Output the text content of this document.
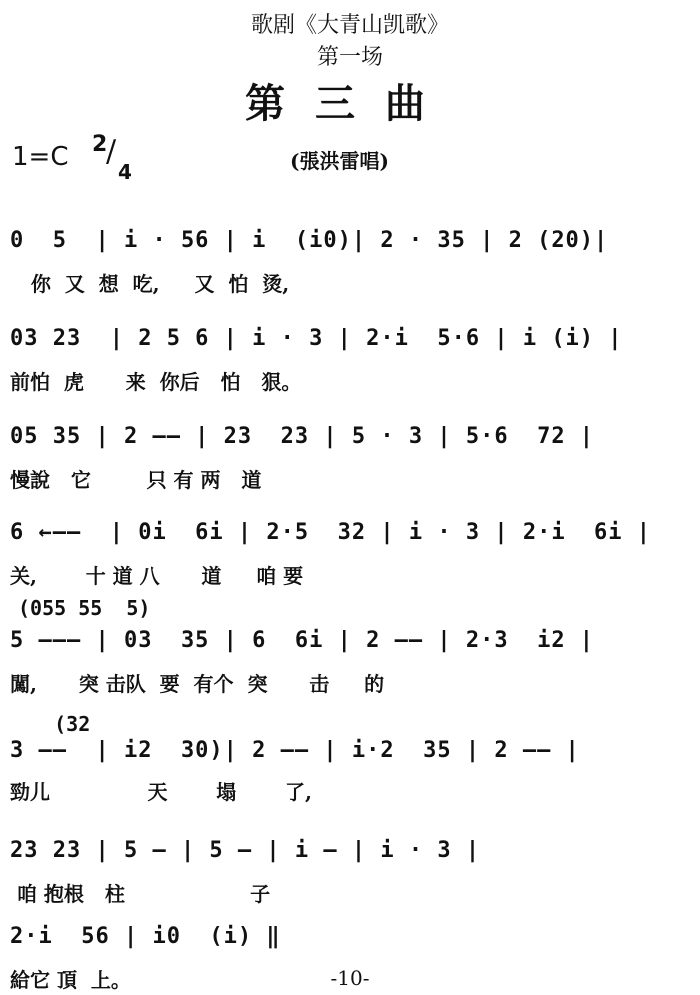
歌剧《大青山凯歌》
第一场
第三曲
1=C 2
/
4	(張洪雷唱)
0  5  | i · 56 | i  (i0)| 2 · 35 | 2 (20)|
你  又  想  吃,     又  怕  烫,
03 23  | 2 5 6 | i · 3 | 2·i  5·6 | i (i) |
前怕  虎      来  你后   怕   狠。
05 35 | 2 —— | 23  23 | 5 · 3 | 5·6  72 |
慢說   它        只 有 两   道
6 ←——  | 0i  6i | 2·5  32 | i · 3 | 2·i  6i |
关,       十 道 八      道     咱 要
(055 55  5)
5 ——— | 03  35 | 6  6i | 2 —— | 2·3  i2 |
闖,      突 击队  要  有个  突      击     的
(32
3 ——  | i2  30)| 2 —— | i·2  35 | 2 —— |
勁儿              天       塌       了,
23 23 | 5 — | 5 — | i — | i · 3 |
咱 抱根   柱                  子
2·i  56 | i0  (i) ‖
給它 頂  上。	-10-
